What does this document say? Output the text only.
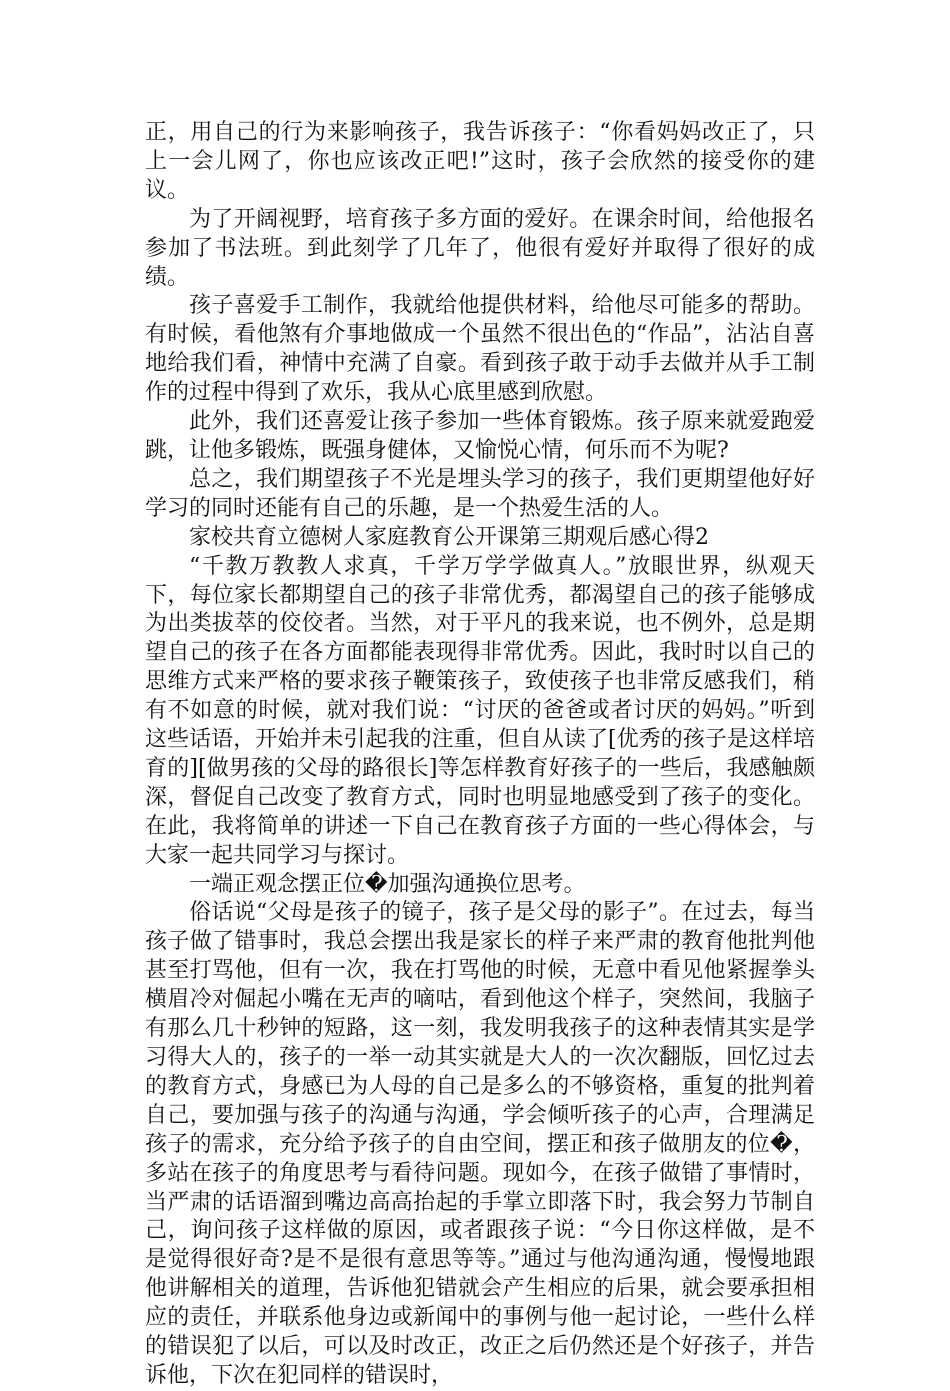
正，用自己的行为来影响孩子，我告诉孩子：“你看妈妈改正了，只上一会儿网了，你也应该改正吧!”这时，孩子会欣然的接受你的建议。

为了开阔视野，培育孩子多方面的爱好。在课余时间，给他报名参加了书法班。到此刻学了几年了，他很有爱好并取得了很好的成绩。

孩子喜爱手工制作，我就给他提供材料，给他尽可能多的帮助。有时候，看他煞有介事地做成一个虽然不很出色的“作品”，沾沾自喜地给我们看，神情中充满了自豪。看到孩子敢于动手去做并从手工制作的过程中得到了欢乐，我从心底里感到欣慰。

此外，我们还喜爱让孩子参加一些体育锻炼。孩子原来就爱跑爱跳，让他多锻炼，既强身健体，又愉悦心情，何乐而不为呢?

总之，我们期望孩子不光是埋头学习的孩子，我们更期望他好好学习的同时还能有自己的乐趣，是一个热爱生活的人。

家校共育立德树人家庭教育公开课第三期观后感心得2

“千教万教教人求真，千学万学学做真人。”放眼世界，纵观天下，每位家长都期望自己的孩子非常优秀，都渴望自己的孩子能够成为出类拔萃的佼佼者。当然，对于平凡的我来说，也不例外，总是期望自己的孩子在各方面都能表现得非常优秀。因此，我时时以自己的思维方式来严格的要求孩子鞭策孩子，致使孩子也非常反感我们，稍有不如意的时候，就对我们说：“讨厌的爸爸或者讨厌的妈妈。”听到这些话语，开始并未引起我的注重，但自从读了[优秀的孩子是这样培育的][做男孩的父母的路很长]等怎样教育好孩子的一些后，我感触颇深，督促自己改变了教育方式，同时也明显地感受到了孩子的变化。在此，我将简单的讲述一下自己在教育孩子方面的一些心得体会，与大家一起共同学习与探讨。

一端正观念摆正位�加强沟通换位思考。

俗话说“父母是孩子的镜子，孩子是父母的影子”。在过去，每当孩子做了错事时，我总会摆出我是家长的样子来严肃的教育他批判他甚至打骂他，但有一次，我在打骂他的时候，无意中看见他紧握拳头横眉冷对倔起小嘴在无声的嘀咕，看到他这个样子，突然间，我脑子有那么几十秒钟的短路，这一刻，我发明我孩子的这种表情其实是学习得大人的，孩子的一举一动其实就是大人的一次次翻版，回忆过去的教育方式，身感已为人母的自己是多么的不够资格，重复的批判着自己，要加强与孩子的沟通与沟通，学会倾听孩子的心声，合理满足孩子的需求，充分给予孩子的自由空间，摆正和孩子做朋友的位�，多站在孩子的角度思考与看待问题。现如今，在孩子做错了事情时，当严肃的话语溜到嘴边高高抬起的手掌立即落下时，我会努力节制自己，询问孩子这样做的原因，或者跟孩子说：“今日你这样做，是不是觉得很好奇?是不是很有意思等等。”通过与他沟通沟通，慢慢地跟他讲解相关的道理，告诉他犯错就会产生相应的后果，就会要承担相应的责任，并联系他身边或新闻中的事例与他一起讨论，一些什么样的错误犯了以后，可以及时改正，改正之后仍然还是个好孩子，并告诉他，下次在犯同样的错误时，
